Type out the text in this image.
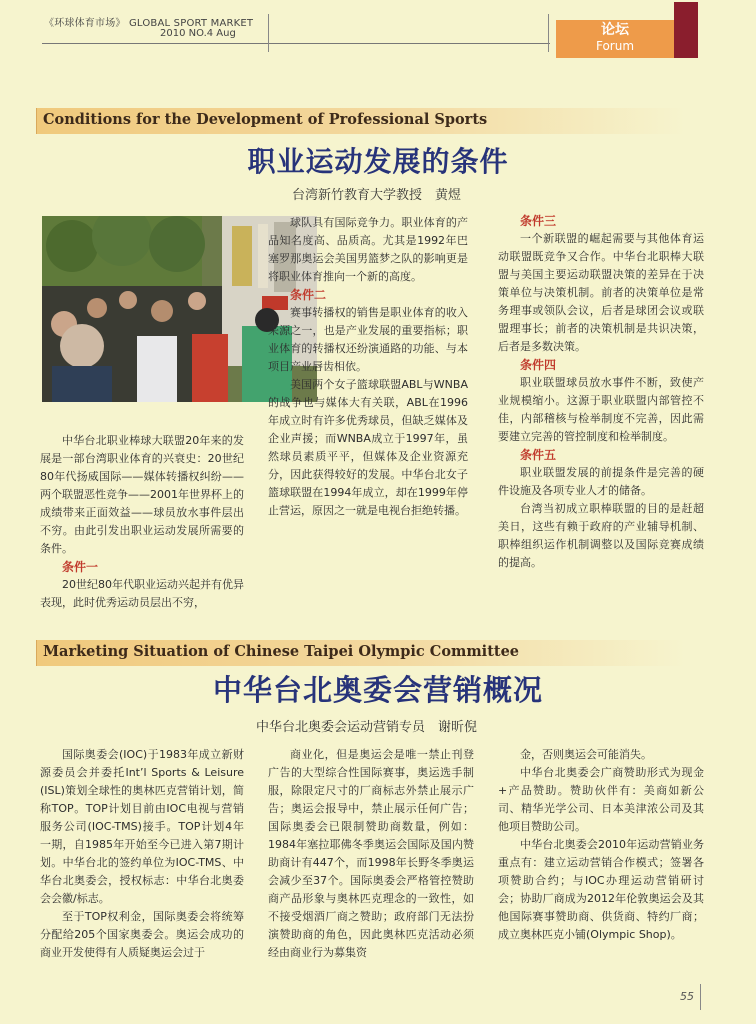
《环球体育市场》 GLOBAL SPORT MARKET
2010 NO.4 Aug	论坛
Forum
Conditions for the Development of Professional Sports
职业运动发展的条件
台湾新竹教育大学教授　黄煜

中华台北职业棒球大联盟20年来的发展是一部台湾职业体育的兴衰史：20世纪80年代扬威国际——媒体转播权纠纷——两个联盟恶性竞争——2001年世界杯上的成绩带来正面效益——球员放水事件层出不穷。由此引发出职业运动发展所需要的条件。

条件一

20世纪80年代职业运动兴起并有优异表现，此时优秀运动员层出不穷，

球队具有国际竞争力。职业体育的产品知名度高、品质高。尤其是1992年巴塞罗那奥运会美国男篮梦之队的影响更是将职业体育推向一个新的高度。

条件二

赛事转播权的销售是职业体育的收入来源之一，也是产业发展的重要指标；职业体育的转播权还纷演通路的功能、与本项目产业唇齿相依。

美国两个女子篮球联盟ABL与WNBA的战争也与媒体大有关联，ABL在1996年成立时有许多优秀球员，但缺乏媒体及企业声援；而WNBA成立于1997年，虽然球员素质平平，但媒体及企业资源充分，因此获得较好的发展。中华台北女子篮球联盟在1994年成立，却在1999年停止营运，原因之一就是电视台拒绝转播。

条件三

一个新联盟的崛起需要与其他体育运动联盟既竞争又合作。中华台北职棒大联盟与美国主要运动联盟决策的差异在于决策单位与决策机制。前者的决策单位是常务理事或领队会议，后者是球团会议或联盟理事长；前者的决策机制是共识决策，后者是多数决策。

条件四

职业联盟球员放水事件不断，致使产业规模缩小。这源于职业联盟内部管控不佳，内部稽核与检举制度不完善，因此需要建立完善的管控制度和检举制度。

条件五

职业联盟发展的前提条件是完善的硬件设施及各项专业人才的储备。

台湾当初成立职棒联盟的目的是赶超美日，这些有赖于政府的产业辅导机制、职棒组织运作机制调整以及国际竞赛成绩的提高。

Marketing Situation of Chinese Taipei Olympic Committee
中华台北奥委会营销概况
中华台北奥委会运动营销专员　谢昕倪

国际奥委会(IOC)于1983年成立新财源委员会并委托Int’l Sports & Leisure (ISL)策划全球性的奥林匹克营销计划，简称TOP。TOP计划目前由IOC电视与营销服务公司(IOC-TMS)接手。TOP计划4年一期，自1985年开始至今已进入第7期计划。中华台北的签约单位为IOC-TMS、中华台北奥委会，授权标志：中华台北奥委会会徽/标志。

至于TOP权利金，国际奥委会将统筹分配给205个国家奥委会。奥运会成功的商业开发使得有人质疑奥运会过于

商业化，但是奥运会是唯一禁止刊登广告的大型综合性国际赛事，奥运选手制服，除限定尺寸的厂商标志外禁止展示广告；奥运会报导中，禁止展示任何广告；国际奥委会已限制赞助商数量，例如：1984年塞拉耶佛冬季奥运会国际及国内赞助商计有447个，而1998年长野冬季奥运会减少至37个。国际奥委会严格管控赞助商产品形象与奥林匹克理念的一致性，如不接受烟酒厂商之赞助；政府部门无法扮演赞助商的角色，因此奥林匹克活动必须经由商业行为募集资

金，否则奥运会可能消失。

中华台北奥委会广商赞助形式为现金+产品赞助。赞助伙伴有：美商如新公司、精华光学公司、日本美津浓公司及其他项目赞助公司。

中华台北奥委会2010年运动营销业务重点有：建立运动营销合作模式；签署各项赞助合约；与IOC办理运动营销研讨会；协助厂商成为2012年伦敦奥运会及其他国际赛事赞助商、供货商、特约厂商；成立奥林匹克小铺(Olympic Shop)。

55
